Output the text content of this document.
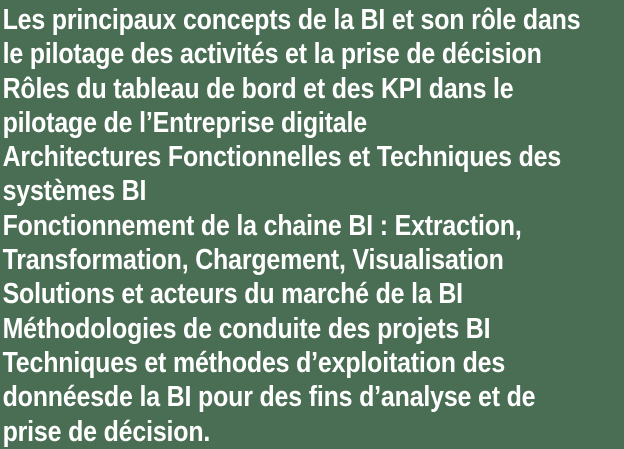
Les principaux concepts de la BI et son rôle dans
le pilotage des activités et la prise de décision
Rôles du tableau de bord et des KPI dans le
pilotage de l’Entreprise digitale
Architectures Fonctionnelles et Techniques des
systèmes BI
Fonctionnement de la chaine BI : Extraction,
Transformation, Chargement, Visualisation
Solutions et acteurs du marché de la BI
Méthodologies de conduite des projets BI
Techniques et méthodes d’exploitation des
donnéesde la BI pour des fins d’analyse et de
prise de décision.
